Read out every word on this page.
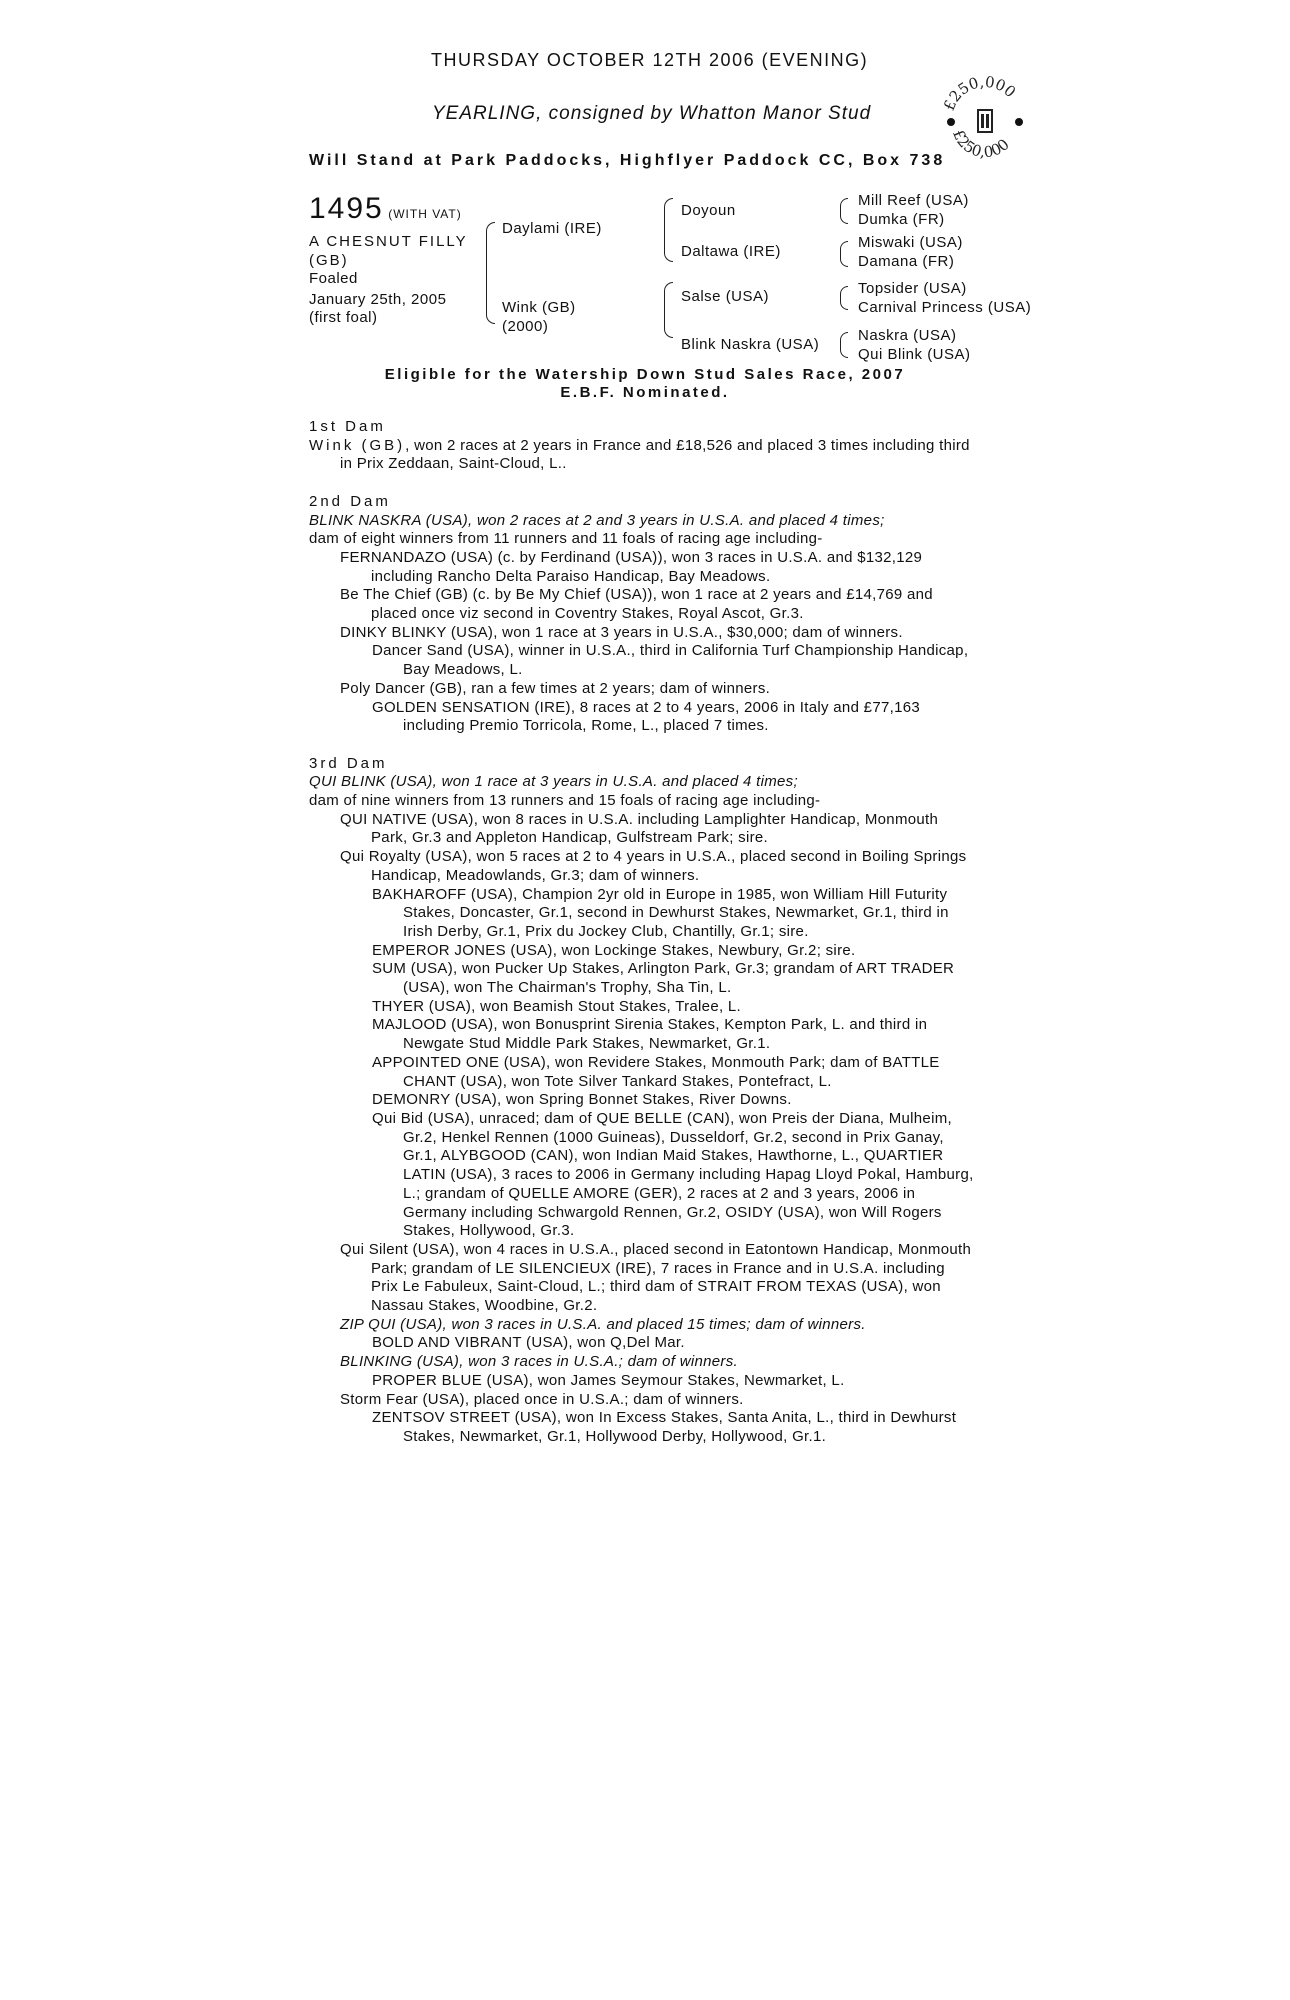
THURSDAY OCTOBER 12TH 2006 (EVENING)
YEARLING, consigned by Whatton Manor Stud
Will Stand at Park Paddocks, Highflyer Paddock CC, Box 738
£250,000
£250,000
1495 (WITH VAT)
A CHESNUT FILLY
(GB)
Foaled
January 25th, 2005
(first foal)
Daylami (IRE)
Wink (GB)
(2000)
Doyoun
Daltawa (IRE)
Salse (USA)
Blink Naskra (USA)
Mill Reef (USA)
Dumka (FR)
Miswaki (USA)
Damana (FR)
Topsider (USA)
Carnival Princess (USA)
Naskra (USA)
Qui Blink (USA)
Eligible for the Watership Down Stud Sales Race, 2007
E.B.F. Nominated.

1st Dam

Wink (GB), won 2 races at 2 years in France and £18,526 and placed 3 times including third in Prix Zeddaan, Saint-Cloud, L..

2nd Dam

BLINK NASKRA (USA), won 2 races at 2 and 3 years in U.S.A. and placed 4 times;

dam of eight winners from 11 runners and 11 foals of racing age including-

FERNANDAZO (USA) (c. by Ferdinand (USA)), won 3 races in U.S.A. and $132,129 including Rancho Delta Paraiso Handicap, Bay Meadows.

Be The Chief (GB) (c. by Be My Chief (USA)), won 1 race at 2 years and £14,769 and placed once viz second in Coventry Stakes, Royal Ascot, Gr.3.

DINKY BLINKY (USA), won 1 race at 3 years in U.S.A., $30,000; dam of winners.

Dancer Sand (USA), winner in U.S.A., third in California Turf Championship Handicap, Bay Meadows, L.

Poly Dancer (GB), ran a few times at 2 years; dam of winners.

GOLDEN SENSATION (IRE), 8 races at 2 to 4 years, 2006 in Italy and £77,163 including Premio Torricola, Rome, L., placed 7 times.

3rd Dam

QUI BLINK (USA), won 1 race at 3 years in U.S.A. and placed 4 times;

dam of nine winners from 13 runners and 15 foals of racing age including-

QUI NATIVE (USA), won 8 races in U.S.A. including Lamplighter Handicap, Monmouth Park, Gr.3 and Appleton Handicap, Gulfstream Park; sire.

Qui Royalty (USA), won 5 races at 2 to 4 years in U.S.A., placed second in Boiling Springs Handicap, Meadowlands, Gr.3; dam of winners.

BAKHAROFF (USA), Champion 2yr old in Europe in 1985, won William Hill Futurity Stakes, Doncaster, Gr.1, second in Dewhurst Stakes, Newmarket, Gr.1, third in Irish Derby, Gr.1, Prix du Jockey Club, Chantilly, Gr.1; sire.

EMPEROR JONES (USA), won Lockinge Stakes, Newbury, Gr.2; sire.

SUM (USA), won Pucker Up Stakes, Arlington Park, Gr.3; grandam of ART TRADER (USA), won The Chairman's Trophy, Sha Tin, L.

THYER (USA), won Beamish Stout Stakes, Tralee, L.

MAJLOOD (USA), won Bonusprint Sirenia Stakes, Kempton Park, L. and third in Newgate Stud Middle Park Stakes, Newmarket, Gr.1.

APPOINTED ONE (USA), won Revidere Stakes, Monmouth Park; dam of BATTLE CHANT (USA), won Tote Silver Tankard Stakes, Pontefract, L.

DEMONRY (USA), won Spring Bonnet Stakes, River Downs.

Qui Bid (USA), unraced; dam of QUE BELLE (CAN), won Preis der Diana, Mulheim, Gr.2, Henkel Rennen (1000 Guineas), Dusseldorf, Gr.2, second in Prix Ganay, Gr.1, ALYBGOOD (CAN), won Indian Maid Stakes, Hawthorne, L., QUARTIER LATIN (USA), 3 races to 2006 in Germany including Hapag Lloyd Pokal, Hamburg, L.; grandam of QUELLE AMORE (GER), 2 races at 2 and 3 years, 2006 in Germany including Schwargold Rennen, Gr.2, OSIDY (USA), won Will Rogers Stakes, Hollywood, Gr.3.

Qui Silent (USA), won 4 races in U.S.A., placed second in Eatontown Handicap, Monmouth Park; grandam of LE SILENCIEUX (IRE), 7 races in France and in U.S.A. including Prix Le Fabuleux, Saint-Cloud, L.; third dam of STRAIT FROM TEXAS (USA), won Nassau Stakes, Woodbine, Gr.2.

ZIP QUI (USA), won 3 races in U.S.A. and placed 15 times; dam of winners.

BOLD AND VIBRANT (USA), won Q,Del Mar.

BLINKING (USA), won 3 races in U.S.A.; dam of winners.

PROPER BLUE (USA), won James Seymour Stakes, Newmarket, L.

Storm Fear (USA), placed once in U.S.A.; dam of winners.

ZENTSOV STREET (USA), won In Excess Stakes, Santa Anita, L., third in Dewhurst Stakes, Newmarket, Gr.1, Hollywood Derby, Hollywood, Gr.1.
